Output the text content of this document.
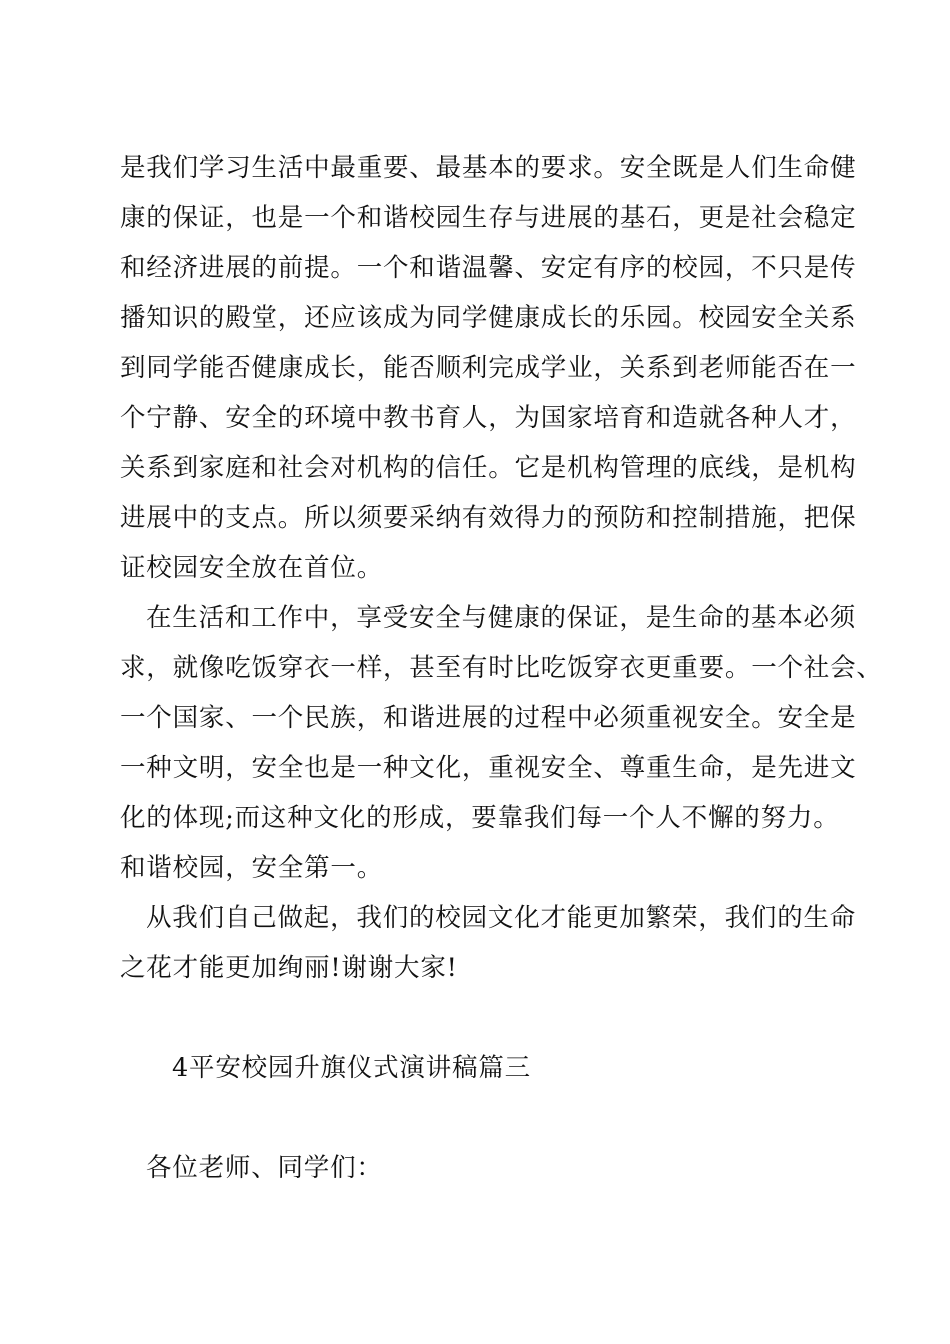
是我们学习生活中最重要、最基本的要求。安全既是人们生命健
康的保证，也是一个和谐校园生存与进展的基石，更是社会稳定
和经济进展的前提。一个和谐温馨、安定有序的校园，不只是传
播知识的殿堂，还应该成为同学健康成长的乐园。校园安全关系
到同学能否健康成长，能否顺利完成学业，关系到老师能否在一
个宁静、安全的环境中教书育人，为国家培育和造就各种人才，
关系到家庭和社会对机构的信任。它是机构管理的底线，是机构
进展中的支点。所以须要采纳有效得力的预防和控制措施，把保
证校园安全放在首位。
在生活和工作中，享受安全与健康的保证，是生命的基本必须
求，就像吃饭穿衣一样，甚至有时比吃饭穿衣更重要。一个社会、
一个国家、一个民族，和谐进展的过程中必须重视安全。安全是
一种文明，安全也是一种文化，重视安全、尊重生命，是先进文
化的体现;而这种文化的形成，要靠我们每一个人不懈的努力。
和谐校园，安全第一。
从我们自己做起，我们的校园文化才能更加繁荣，我们的生命
之花才能更加绚丽!谢谢大家!
4平安校园升旗仪式演讲稿篇三
各位老师、同学们：
